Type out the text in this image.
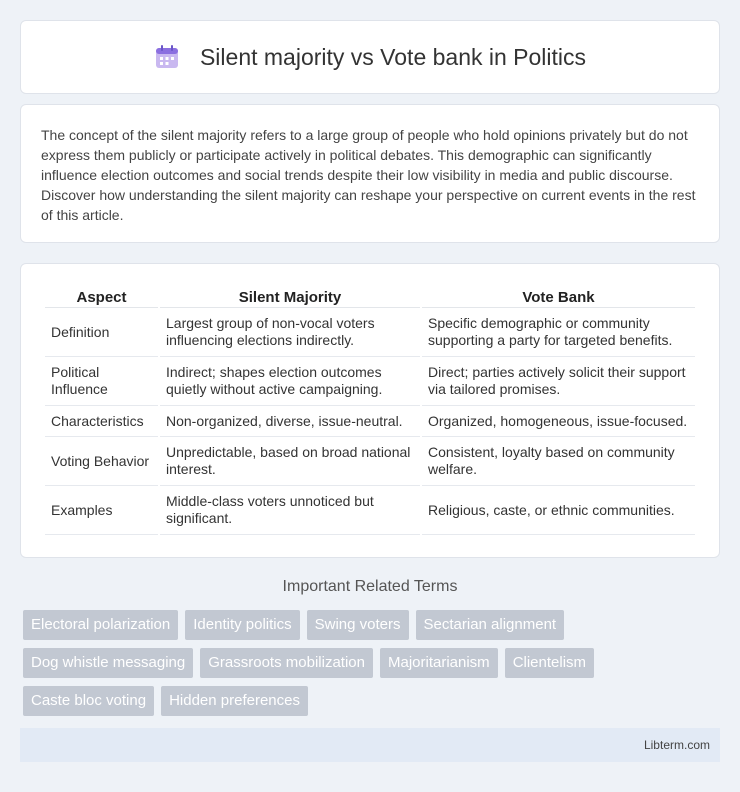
Silent majority vs Vote bank in Politics

The concept of the silent majority refers to a large group of people who hold opinions privately but do not express them publicly or participate actively in political debates. This demographic can significantly influence election outcomes and social trends despite their low visibility in media and public discourse. Discover how understanding the silent majority can reshape your perspective on current events in the rest of this article.

Aspect	Silent Majority	Vote Bank
Definition	Largest group of non-vocal voters influencing elections indirectly.	Specific demographic or community supporting a party for targeted benefits.
Political Influence	Indirect; shapes election outcomes quietly without active campaigning.	Direct; parties actively solicit their support via tailored promises.
Characteristics	Non-organized, diverse, issue-neutral.	Organized, homogeneous, issue-focused.
Voting Behavior	Unpredictable, based on broad national interest.	Consistent, loyalty based on community welfare.
Examples	Middle-class voters unnoticed but significant.	Religious, caste, or ethnic communities.
Important Related Terms
Electoral polarization	Identity politics	Swing voters	Sectarian alignment
Dog whistle messaging	Grassroots mobilization	Majoritarianism	Clientelism
Caste bloc voting	Hidden preferences
Libterm.com
